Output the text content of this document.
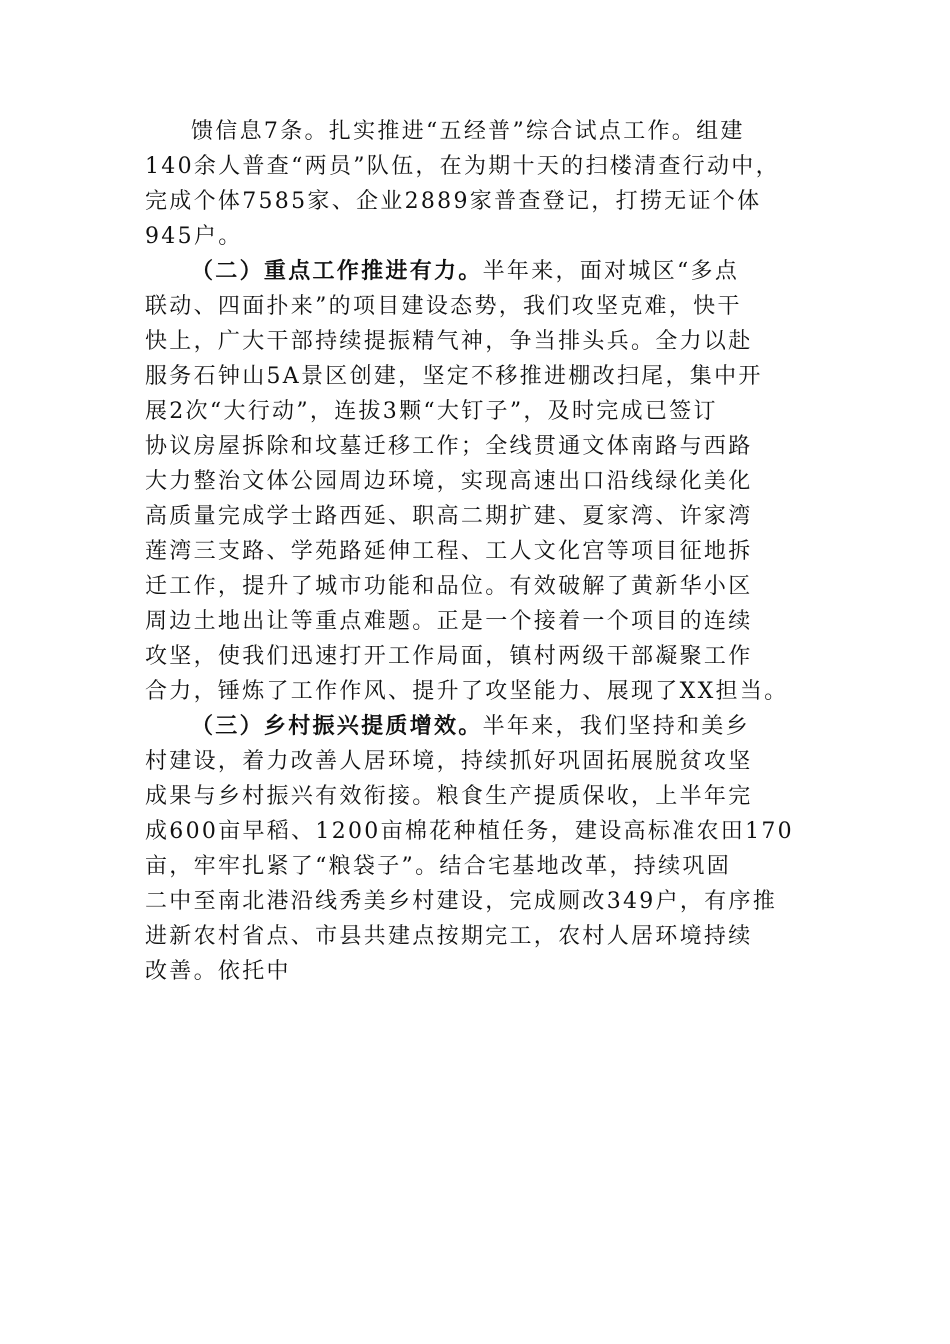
馈信息7条。扎实推进“五经普”综合试点工作。组建
140余人普查“两员”队伍，在为期十天的扫楼清查行动中，
完成个体7585家、企业2889家普查登记，打捞无证个体
945户。
（二）重点工作推进有力。半年来，面对城区“多点
联动、四面扑来”的项目建设态势，我们攻坚克难，快干
快上，广大干部持续提振精气神，争当排头兵。全力以赴
服务石钟山5A景区创建，坚定不移推进棚改扫尾，集中开
展2次“大行动”，连拔3颗“大钉子”，及时完成已签订
协议房屋拆除和坟墓迁移工作；全线贯通文体南路与西路
大力整治文体公园周边环境，实现高速出口沿线绿化美化
高质量完成学士路西延、职高二期扩建、夏家湾、许家湾
莲湾三支路、学苑路延伸工程、工人文化宫等项目征地拆
迁工作，提升了城市功能和品位。有效破解了黄新华小区
周边土地出让等重点难题。正是一个接着一个项目的连续
攻坚，使我们迅速打开工作局面，镇村两级干部凝聚工作
合力，锤炼了工作作风、提升了攻坚能力、展现了XX担当。
（三）乡村振兴提质增效。半年来，我们坚持和美乡
村建设，着力改善人居环境，持续抓好巩固拓展脱贫攻坚
成果与乡村振兴有效衔接。粮食生产提质保收，上半年完
成600亩早稻、1200亩棉花种植任务，建设高标准农田170
亩，牢牢扎紧了“粮袋子”。结合宅基地改革，持续巩固
二中至南北港沿线秀美乡村建设，完成厕改349户，有序推
进新农村省点、市县共建点按期完工，农村人居环境持续
改善。依托中
